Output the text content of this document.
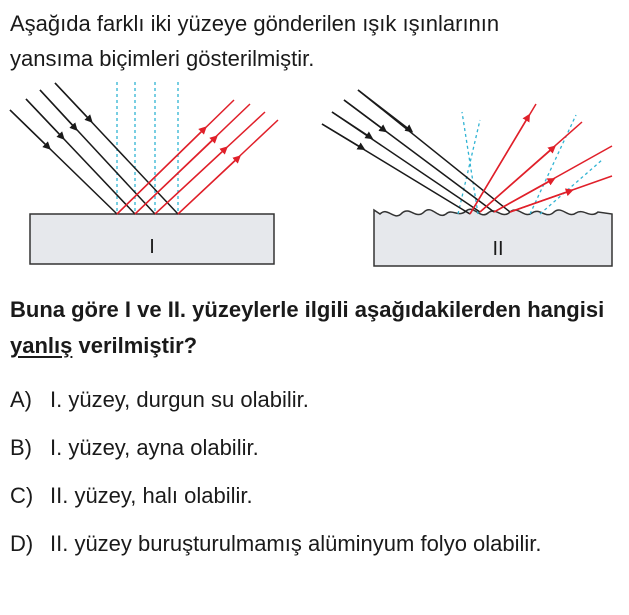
Aşağıda farklı iki yüzeye gönderilen ışık ışınlarının
yansıma biçimleri gösterilmiştir.

I	II

Buna göre I ve II. yüzeylerle ilgili aşağıdakilerden hangisi yanlış verilmiştir?

A) I. yüzey, durgun su olabilir.
B) I. yüzey, ayna olabilir.
C) II. yüzey, halı olabilir.
D) II. yüzey buruşturulmamış alüminyum folyo olabilir.
